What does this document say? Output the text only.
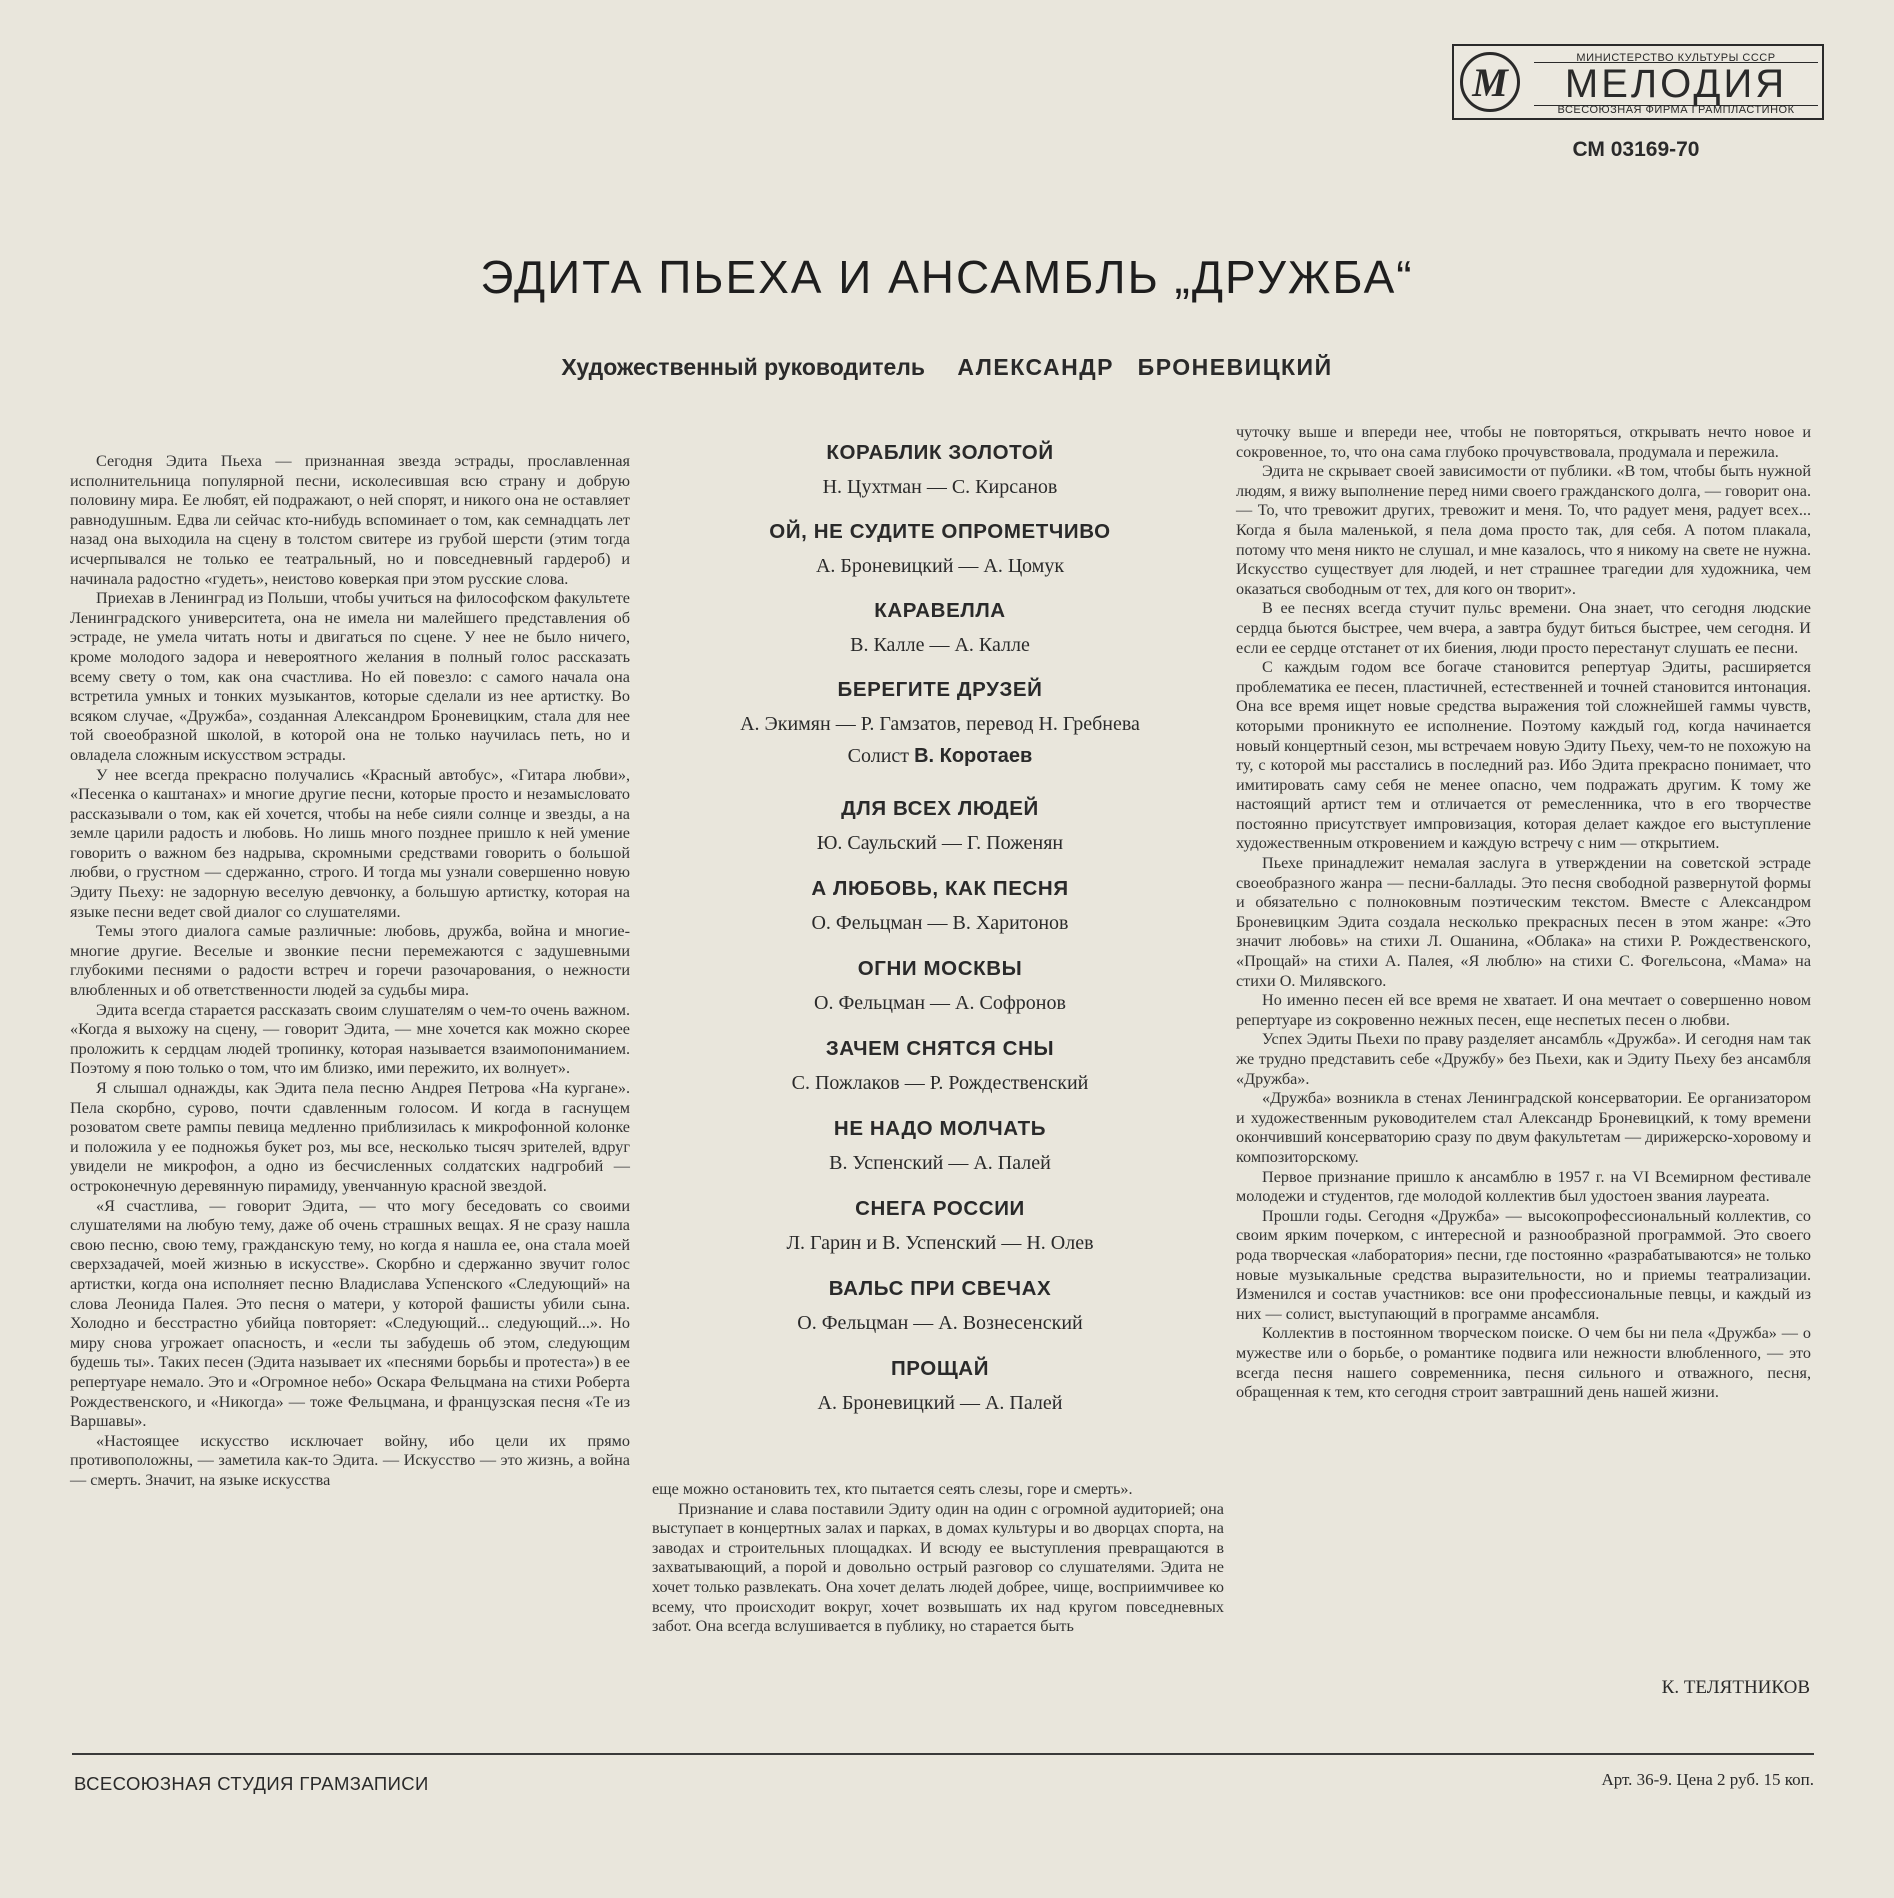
М
МИНИСТЕРСТВО КУЛЬТУРЫ СССР
МЕЛОДИЯ
ВСЕСОЮЗНАЯ ФИРМА ГРАМПЛАСТИНОК
СМ 03169-70
ЭДИТА ПЬЕХА И АНСАМБЛЬ „ДРУЖБА“
Художественный руководитель АЛЕКСАНДР   БРОНЕВИЦКИЙ

Сегодня Эдита Пьеха — признанная звезда эстрады, прославленная исполнительница популярной песни, исколесившая всю страну и добрую половину мира. Ее любят, ей подражают, о ней спорят, и никого она не оставляет равнодушным. Едва ли сейчас кто-нибудь вспоминает о том, как семнадцать лет назад она выходила на сцену в толстом свитере из грубой шерсти (этим тогда исчерпывался не только ее театральный, но и повседневный гардероб) и начинала радостно «гудеть», неистово коверкая при этом русские слова.

Приехав в Ленинград из Польши, чтобы учиться на философском факультете Ленинградского университета, она не имела ни малейшего представления об эстраде, не умела читать ноты и двигаться по сцене. У нее не было ничего, кроме молодого задора и невероятного желания в полный голос рассказать всему свету о том, как она счастлива. Но ей повезло: с самого начала она встретила умных и тонких музыкантов, которые сделали из нее артистку. Во всяком случае, «Дружба», созданная Александром Броневицким, стала для нее той своеобразной школой, в которой она не только научилась петь, но и овладела сложным искусством эстрады.

У нее всегда прекрасно получались «Красный автобус», «Гитара любви», «Песенка о каштанах» и многие другие песни, которые просто и незамысловато рассказывали о том, как ей хочется, чтобы на небе сияли солнце и звезды, а на земле царили радость и любовь. Но лишь много позднее пришло к ней умение говорить о важном без надрыва, скромными средствами говорить о большой любви, о грустном — сдержанно, строго. И тогда мы узнали совершенно новую Эдиту Пьеху: не задорную веселую девчонку, а большую артистку, которая на языке песни ведет свой диалог со слушателями.

Темы этого диалога самые различные: любовь, дружба, война и многие-многие другие. Веселые и звонкие песни перемежаются с задушевными глубокими песнями о радости встреч и горечи разочарования, о нежности влюбленных и об ответственности людей за судьбы мира.

Эдита всегда старается рассказать своим слушателям о чем-то очень важном. «Когда я выхожу на сцену, — говорит Эдита, — мне хочется как можно скорее проложить к сердцам людей тропинку, которая называется взаимопониманием. Поэтому я пою только о том, что им близко, ими пережито, их волнует».

Я слышал однажды, как Эдита пела песню Андрея Петрова «На кургане». Пела скорбно, сурово, почти сдавленным голосом. И когда в гаснущем розоватом свете рампы певица медленно приблизилась к микрофонной колонке и положила у ее подножья букет роз, мы все, несколько тысяч зрителей, вдруг увидели не микрофон, а одно из бесчисленных солдатских надгробий — остроконечную деревянную пирамиду, увенчанную красной звездой.

«Я счастлива, — говорит Эдита, — что могу беседовать со своими слушателями на любую тему, даже об очень страшных вещах. Я не сразу нашла свою песню, свою тему, гражданскую тему, но когда я нашла ее, она стала моей сверхзадачей, моей жизнью в искусстве». Скорбно и сдержанно звучит голос артистки, когда она исполняет песню Владислава Успенского «Следующий» на слова Леонида Палея. Это песня о матери, у которой фашисты убили сына. Холодно и бесстрастно убийца повторяет: «Следующий... следующий...». Но миру снова угрожает опасность, и «если ты забудешь об этом, следующим будешь ты». Таких песен (Эдита называет их «песнями борьбы и протеста») в ее репертуаре немало. Это и «Огромное небо» Оскара Фельцмана на стихи Роберта Рождественского, и «Никогда» — тоже Фельцмана, и французская песня «Те из Варшавы».

«Настоящее искусство исключает войну, ибо цели их прямо противоположны, — заметила как-то Эдита. — Искусство — это жизнь, а война — смерть. Значит, на языке искусства

КОРАБЛИК ЗОЛОТОЙ
Н. Цухтман — С. Кирсанов
ОЙ, НЕ СУДИТЕ ОПРОМЕТЧИВО
А. Броневицкий — А. Цомук
КАРАВЕЛЛА
В. Калле — А. Калле
БЕРЕГИТЕ ДРУЗЕЙ
А. Экимян — Р. Гамзатов, перевод Н. Гребнева
Солист В. Коротаев
ДЛЯ ВСЕХ ЛЮДЕЙ
Ю. Саульский — Г. Поженян
А ЛЮБОВЬ, КАК ПЕСНЯ
О. Фельцман — В. Харитонов
ОГНИ МОСКВЫ
О. Фельцман — А. Софронов
ЗАЧЕМ СНЯТСЯ СНЫ
С. Пожлаков — Р. Рождественский
НЕ НАДО МОЛЧАТЬ
В. Успенский — А. Палей
СНЕГА РОССИИ
Л. Гарин и В. Успенский — Н. Олев
ВАЛЬС ПРИ СВЕЧАХ
О. Фельцман — А. Вознесенский
ПРОЩАЙ
А. Броневицкий — А. Палей

еще можно остановить тех, кто пытается сеять слезы, горе и смерть».

Признание и слава поставили Эдиту один на один с огромной аудиторией; она выступает в концертных залах и парках, в домах культуры и во дворцах спорта, на заводах и строительных площадках. И всюду ее выступления превращаются в захватывающий, а порой и довольно острый разговор со слушателями. Эдита не хочет только развлекать. Она хочет делать людей добрее, чище, восприимчивее ко всему, что происходит вокруг, хочет возвышать их над кругом повседневных забот. Она всегда вслушивается в публику, но старается быть

чуточку выше и впереди нее, чтобы не повторяться, открывать нечто новое и сокровенное, то, что она сама глубоко прочувствовала, продумала и пережила.

Эдита не скрывает своей зависимости от публики. «В том, чтобы быть нужной людям, я вижу выполнение перед ними своего гражданского долга, — говорит она. — То, что тревожит других, тревожит и меня. То, что радует меня, радует всех... Когда я была маленькой, я пела дома просто так, для себя. А потом плакала, потому что меня никто не слушал, и мне казалось, что я никому на свете не нужна. Искусство существует для людей, и нет страшнее трагедии для художника, чем оказаться свободным от тех, для кого он творит».

В ее песнях всегда стучит пульс времени. Она знает, что сегодня людские сердца бьются быстрее, чем вчера, а завтра будут биться быстрее, чем сегодня. И если ее сердце отстанет от их биения, люди просто перестанут слушать ее песни.

С каждым годом все богаче становится репертуар Эдиты, расширяется проблематика ее песен, пластичней, естественней и точней становится интонация. Она все время ищет новые средства выражения той сложнейшей гаммы чувств, которыми проникнуто ее исполнение. Поэтому каждый год, когда начинается новый концертный сезон, мы встречаем новую Эдиту Пьеху, чем-то не похожую на ту, с которой мы расстались в последний раз. Ибо Эдита прекрасно понимает, что имитировать саму себя не менее опасно, чем подражать другим. К тому же настоящий артист тем и отличается от ремесленника, что в его творчестве постоянно присутствует импровизация, которая делает каждое его выступление художественным откровением и каждую встречу с ним — открытием.

Пьехе принадлежит немалая заслуга в утверждении на советской эстраде своеобразного жанра — песни-баллады. Это песня свободной развернутой формы и обязательно с полноковным поэтическим текстом. Вместе с Александром Броневицким Эдита создала несколько прекрасных песен в этом жанре: «Это значит любовь» на стихи Л. Ошанина, «Облака» на стихи Р. Рождественского, «Прощай» на стихи А. Палея, «Я люблю» на стихи С. Фогельсона, «Мама» на стихи О. Милявского.

Но именно песен ей все время не хватает. И она мечтает о совершенно новом репертуаре из сокровенно нежных песен, еще неспетых песен о любви.

Успех Эдиты Пьехи по праву разделяет ансамбль «Дружба». И сегодня нам так же трудно представить себе «Дружбу» без Пьехи, как и Эдиту Пьеху без ансамбля «Дружба».

«Дружба» возникла в стенах Ленинградской консерватории. Ее организатором и художественным руководителем стал Александр Броневицкий, к тому времени окончивший консерваторию сразу по двум факультетам — дирижерско-хоровому и композиторскому.

Первое признание пришло к ансамблю в 1957 г. на VI Всемирном фестивале молодежи и студентов, где молодой коллектив был удостоен звания лауреата.

Прошли годы. Сегодня «Дружба» — высокопрофессиональный коллектив, со своим ярким почерком, с интересной и разнообразной программой. Это своего рода творческая «лаборатория» песни, где постоянно «разрабатываются» не только новые музыкальные средства выразительности, но и приемы театрализации. Изменился и состав участников: все они профессиональные певцы, и каждый из них — солист, выступающий в программе ансамбля.

Коллектив в постоянном творческом поиске. О чем бы ни пела «Дружба» — о мужестве или о борьбе, о романтике подвига или нежности влюбленного, — это всегда песня нашего современника, песня сильного и отважного, песня, обращенная к тем, кто сегодня строит завтрашний день нашей жизни.

К. ТЕЛЯТНИКОВ
ВСЕСОЮЗНАЯ СТУДИЯ ГРАМЗАПИСИ	Арт. 36-9. Цена 2 руб. 15 коп.
